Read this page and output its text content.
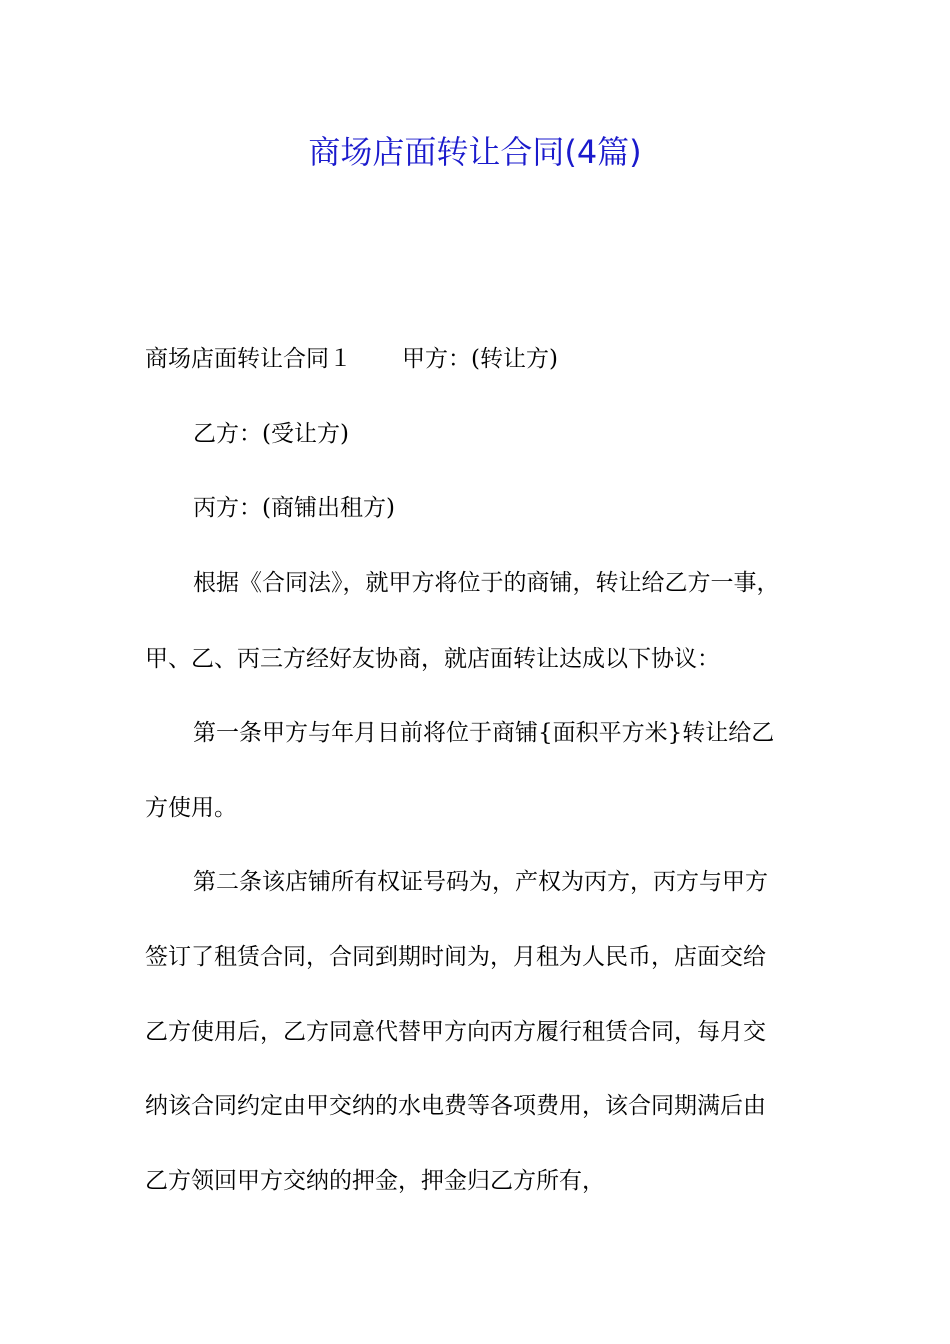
商场店面转让合同(4篇)
商场店面转让合同１ 甲方：(转让方)
乙方：(受让方)
丙方：(商铺出租方)
根据《合同法》，就甲方将位于的商铺，转让给乙方一事，
甲、乙、丙三方经好友协商，就店面转让达成以下协议：
第一条甲方与年月日前将位于商铺{面积平方米}转让给乙
方使用。
第二条该店铺所有权证号码为，产权为丙方，丙方与甲方
签订了租赁合同，合同到期时间为，月租为人民币，店面交给
乙方使用后，乙方同意代替甲方向丙方履行租赁合同，每月交
纳该合同约定由甲交纳的水电费等各项费用，该合同期满后由
乙方领回甲方交纳的押金，押金归乙方所有，
